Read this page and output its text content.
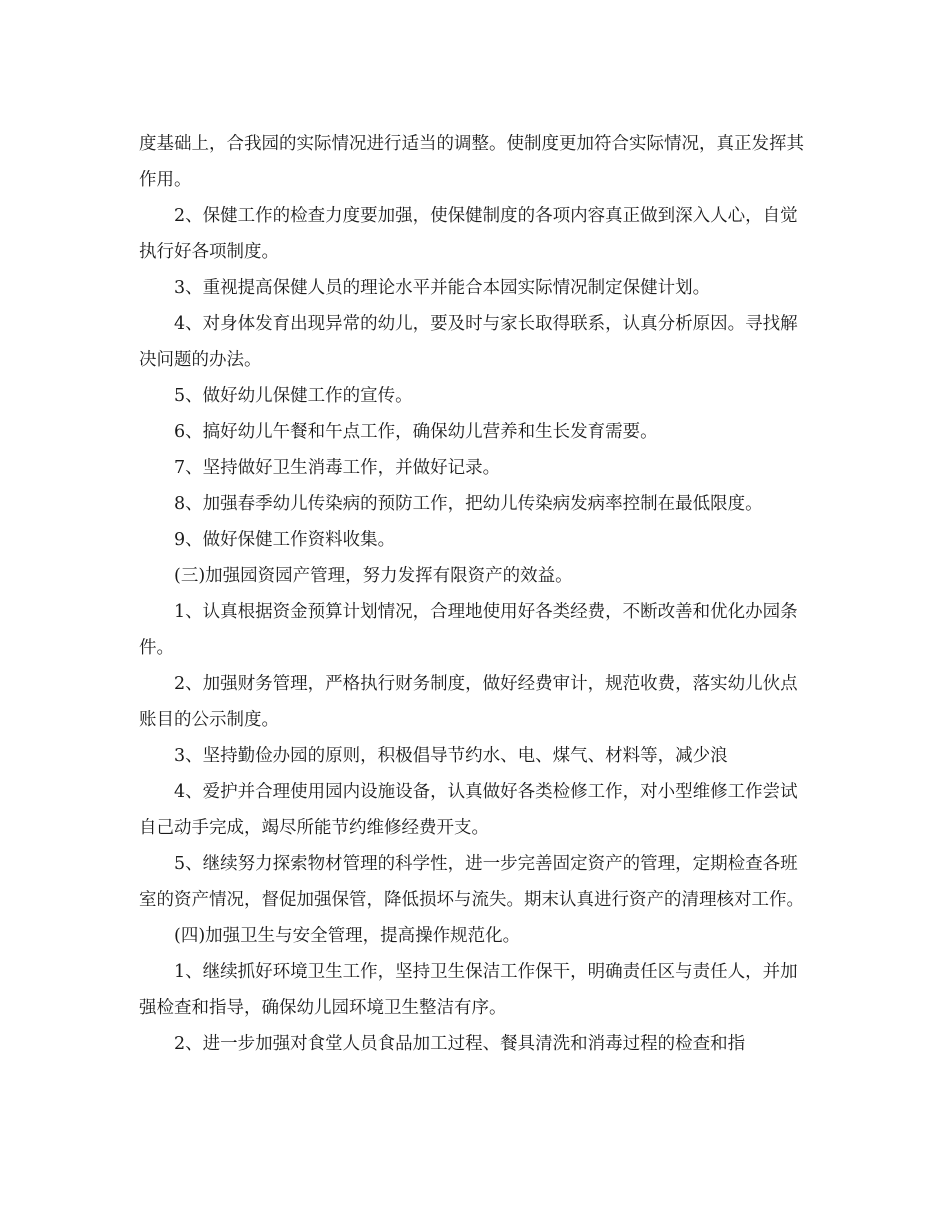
度基础上，合我园的实际情况进行适当的调整。使制度更加符合实际情况，真正发挥其作用。

2、保健工作的检查力度要加强，使保健制度的各项内容真正做到深入人心，自觉执行好各项制度。

3、重视提高保健人员的理论水平并能合本园实际情况制定保健计划。

4、对身体发育出现异常的幼儿，要及时与家长取得联系，认真分析原因。寻找解决问题的办法。

5、做好幼儿保健工作的宣传。

6、搞好幼儿午餐和午点工作，确保幼儿营养和生长发育需要。

7、坚持做好卫生消毒工作，并做好记录。

8、加强春季幼儿传染病的预防工作，把幼儿传染病发病率控制在最低限度。

9、做好保健工作资料收集。

(三)加强园资园产管理，努力发挥有限资产的效益。

1、认真根据资金预算计划情况，合理地使用好各类经费，不断改善和优化办园条件。

2、加强财务管理，严格执行财务制度，做好经费审计，规范收费，落实幼儿伙点账目的公示制度。

3、坚持勤俭办园的原则，积极倡导节约水、电、煤气、材料等，减少浪

4、爱护并合理使用园内设施设备，认真做好各类检修工作，对小型维修工作尝试自己动手完成，竭尽所能节约维修经费开支。

5、继续努力探索物材管理的科学性，进一步完善固定资产的管理，定期检查各班室的资产情况，督促加强保管，降低损坏与流失。期末认真进行资产的清理核对工作。

(四)加强卫生与安全管理，提高操作规范化。

1、继续抓好环境卫生工作，坚持卫生保洁工作保干，明确责任区与责任人，并加强检查和指导，确保幼儿园环境卫生整洁有序。

2、进一步加强对食堂人员食品加工过程、餐具清洗和消毒过程的检查和指
